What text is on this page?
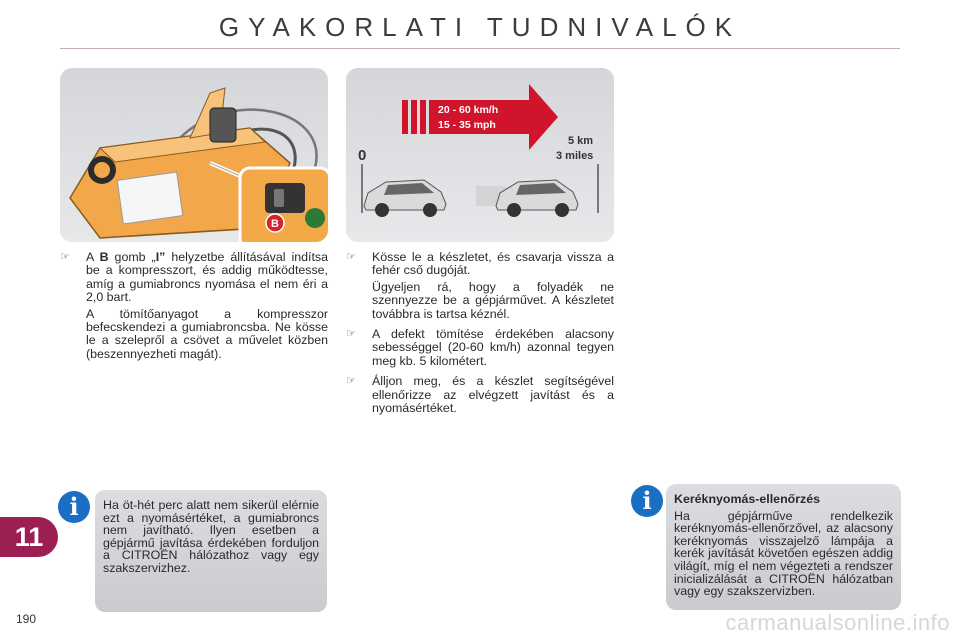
GYAKORLATI TUDNIVALÓK
B
20 - 60 km/h
15 - 35 mph
0
5 km
3 miles

☞ A B gomb „I” helyzetbe állításával indítsa be a kompresszort, és addig működtesse, amíg a gumiabroncs nyomása el nem éri a 2,0 bart.

A tömítőanyagot a kompresszor befecskendezi a gumiabroncsba. Ne kösse le a szelepről a csövet a művelet közben (beszennyezheti magát).

☞ Kösse le a készletet, és csavarja vissza a fehér cső dugóját.

Ügyeljen rá, hogy a folyadék ne szennyezze be a gépjárművet. A készletet továbbra is tartsa kéznél.

☞ A defekt tömítése érdekében alacsony sebességgel (20-60 km/h) azonnal tegyen meg kb. 5 kilométert.

☞ Álljon meg, és a készlet segítségével ellenőrizze az elvégzett javítást és a nyomásértéket.

i	Ha öt-hét perc alatt nem sikerül elérnie ezt a nyomásértéket, a gumiabroncs nem javítható. Ilyen esetben a gépjármű javítása érdekében forduljon a CITROËN hálózathoz vagy egy szakszervizhez.
i	Keréknyomás-ellenőrzés
Ha gépjárműve rendelkezik keréknyomás-ellenőrzővel, az alacsony keréknyomás visszajelző lámpája a kerék javítását követően egészen addig világít, míg el nem végezteti a rendszer inicializálását a CITROËN hálózatban vagy egy szakszervizben.
11
190	carmanualsonline.info
